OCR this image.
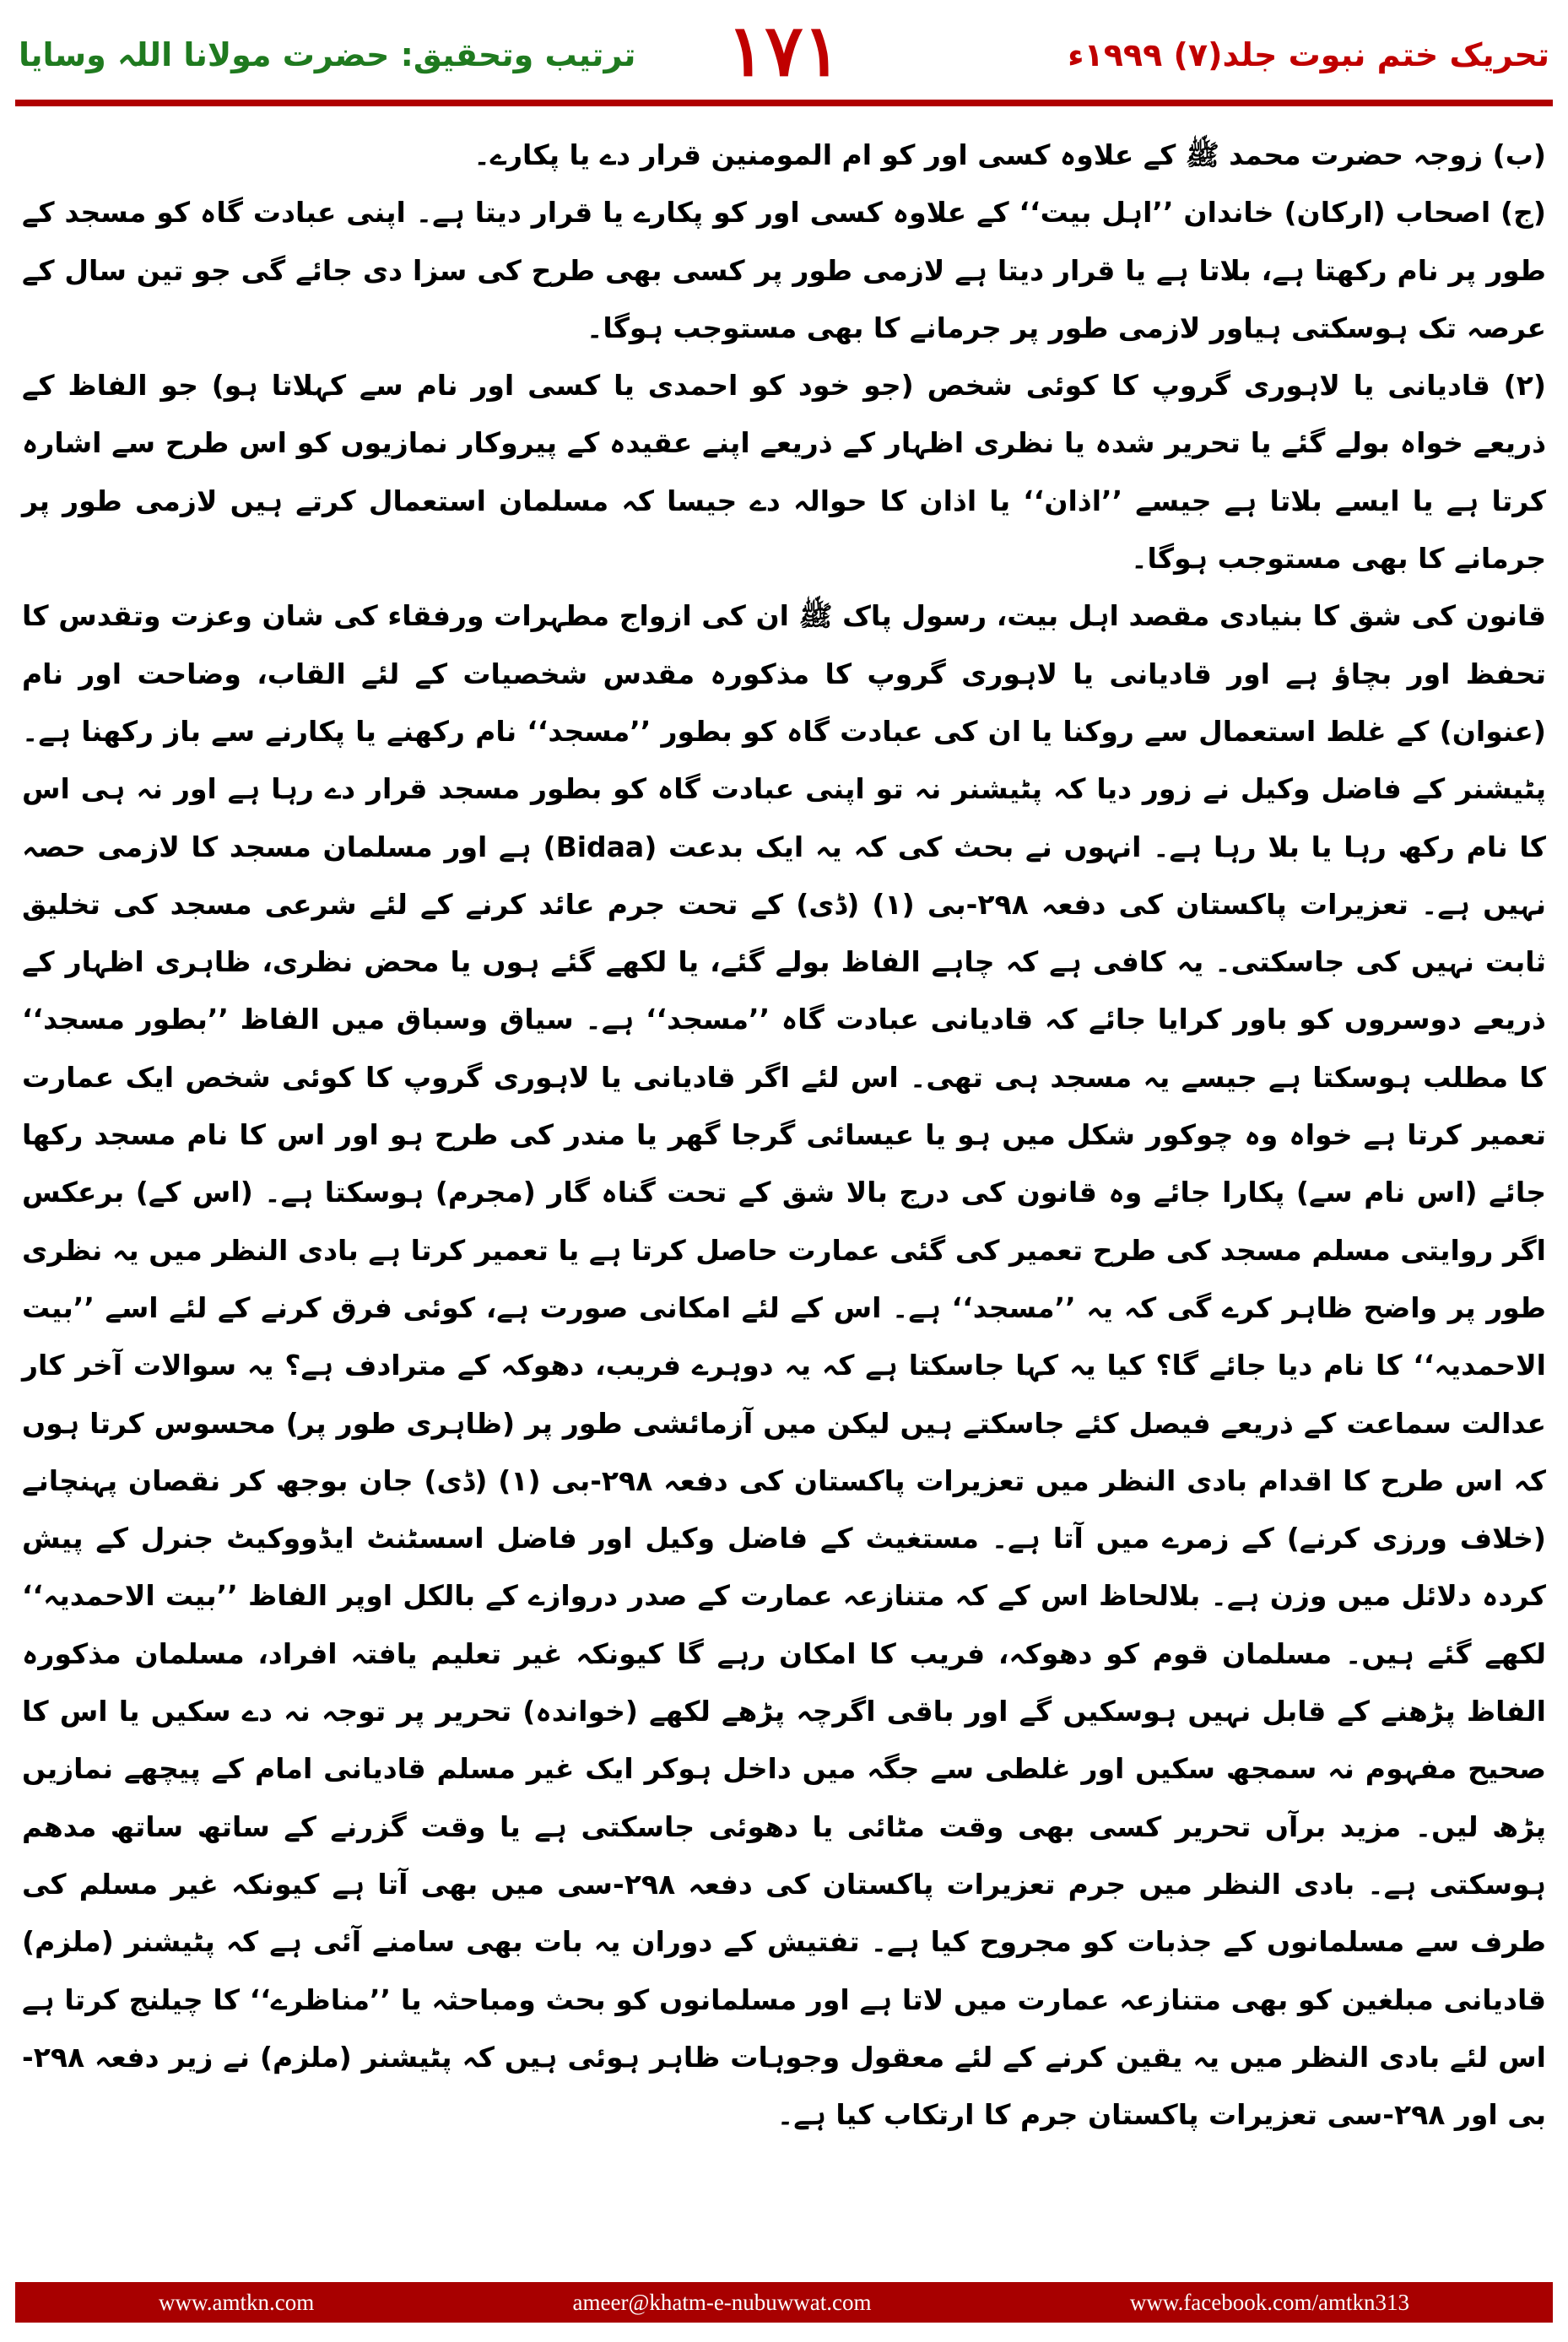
ترتیب وتحقیق: حضرت مولانا اللہ وسایا	۱۷۱	تحریک ختم نبوت جلد(۷) ۱۹۹۹ء

(ب) زوجہ حضرت محمد ﷺ کے علاوہ کسی اور کو ام المومنین قرار دے یا پکارے۔

(ج) اصحاب (ارکان) خاندان ’’اہل بیت‘‘ کے علاوہ کسی اور کو پکارے یا قرار دیتا ہے۔ اپنی عبادت گاہ کو مسجد کے طور پر نام رکھتا ہے، بلاتا ہے یا قرار دیتا ہے لازمی طور پر کسی بھی طرح کی سزا دی جائے گی جو تین سال کے عرصہ تک ہوسکتی ہیاور لازمی طور پر جرمانے کا بھی مستوجب ہوگا۔

(۲) قادیانی یا لاہوری گروپ کا کوئی شخص (جو خود کو احمدی یا کسی اور نام سے کہلاتا ہو) جو الفاظ کے ذریعے خواہ بولے گئے یا تحریر شدہ یا نظری اظہار کے ذریعے اپنے عقیدہ کے پیروکار نمازیوں کو اس طرح سے اشارہ کرتا ہے یا ایسے بلاتا ہے جیسے ’’اذان‘‘ یا اذان کا حوالہ دے جیسا کہ مسلمان استعمال کرتے ہیں لازمی طور پر جرمانے کا بھی مستوجب ہوگا۔

قانون کی شق کا بنیادی مقصد اہل بیت، رسول پاک ﷺ ان کی ازواج مطہرات ورفقاء کی شان وعزت وتقدس کا تحفظ اور بچاؤ ہے اور قادیانی یا لاہوری گروپ کا مذکورہ مقدس شخصیات کے لئے القاب، وضاحت اور نام (عنوان) کے غلط استعمال سے روکنا یا ان کی عبادت گاہ کو بطور ’’مسجد‘‘ نام رکھنے یا پکارنے سے باز رکھنا ہے۔ پٹیشنر کے فاضل وکیل نے زور دیا کہ پٹیشنر نہ تو اپنی عبادت گاہ کو بطور مسجد قرار دے رہا ہے اور نہ ہی اس کا نام رکھ رہا یا بلا رہا ہے۔ انہوں نے بحث کی کہ یہ ایک بدعت (Bidaa) ہے اور مسلمان مسجد کا لازمی حصہ نہیں ہے۔ تعزیرات پاکستان کی دفعہ ۲۹۸-بی (۱) (ڈی) کے تحت جرم عائد کرنے کے لئے شرعی مسجد کی تخلیق ثابت نہیں کی جاسکتی۔ یہ کافی ہے کہ چاہے الفاظ بولے گئے، یا لکھے گئے ہوں یا محض نظری، ظاہری اظہار کے ذریعے دوسروں کو باور کرایا جائے کہ قادیانی عبادت گاہ ’’مسجد‘‘ ہے۔ سیاق وسباق میں الفاظ ’’بطور مسجد‘‘ کا مطلب ہوسکتا ہے جیسے یہ مسجد ہی تھی۔ اس لئے اگر قادیانی یا لاہوری گروپ کا کوئی شخص ایک عمارت تعمیر کرتا ہے خواہ وہ چوکور شکل میں ہو یا عیسائی گرجا گھر یا مندر کی طرح ہو اور اس کا نام مسجد رکھا جائے (اس نام سے) پکارا جائے وہ قانون کی درج بالا شق کے تحت گناہ گار (مجرم) ہوسکتا ہے۔ (اس کے) برعکس اگر روایتی مسلم مسجد کی طرح تعمیر کی گئی عمارت حاصل کرتا ہے یا تعمیر کرتا ہے بادی النظر میں یہ نظری طور پر واضح ظاہر کرے گی کہ یہ ’’مسجد‘‘ ہے۔ اس کے لئے امکانی صورت ہے، کوئی فرق کرنے کے لئے اسے ’’بیت الاحمدیہ‘‘ کا نام دیا جائے گا؟ کیا یہ کہا جاسکتا ہے کہ یہ دوہرے فریب، دھوکہ کے مترادف ہے؟ یہ سوالات آخر کار عدالت سماعت کے ذریعے فیصل کئے جاسکتے ہیں لیکن میں آزمائشی طور پر (ظاہری طور پر) محسوس کرتا ہوں کہ اس طرح کا اقدام بادی النظر میں تعزیرات پاکستان کی دفعہ ۲۹۸-بی (۱) (ڈی) جان بوجھ کر نقصان پہنچانے (خلاف ورزی کرنے) کے زمرے میں آتا ہے۔ مستغیث کے فاضل وکیل اور فاضل اسسٹنٹ ایڈووکیٹ جنرل کے پیش کردہ دلائل میں وزن ہے۔ بلالحاظ اس کے کہ متنازعہ عمارت کے صدر دروازے کے بالکل اوپر الفاظ ’’بیت الاحمدیہ‘‘ لکھے گئے ہیں۔ مسلمان قوم کو دھوکہ، فریب کا امکان رہے گا کیونکہ غیر تعلیم یافتہ افراد، مسلمان مذکورہ الفاظ پڑھنے کے قابل نہیں ہوسکیں گے اور باقی اگرچہ پڑھے لکھے (خواندہ) تحریر پر توجہ نہ دے سکیں یا اس کا صحیح مفہوم نہ سمجھ سکیں اور غلطی سے جگہ میں داخل ہوکر ایک غیر مسلم قادیانی امام کے پیچھے نمازیں پڑھ لیں۔ مزید برآں تحریر کسی بھی وقت مٹائی یا دھوئی جاسکتی ہے یا وقت گزرنے کے ساتھ ساتھ مدھم ہوسکتی ہے۔ بادی النظر میں جرم تعزیرات پاکستان کی دفعہ ۲۹۸-سی میں بھی آتا ہے کیونکہ غیر مسلم کی طرف سے مسلمانوں کے جذبات کو مجروح کیا ہے۔ تفتیش کے دوران یہ بات بھی سامنے آئی ہے کہ پٹیشنر (ملزم) قادیانی مبلغین کو بھی متنازعہ عمارت میں لاتا ہے اور مسلمانوں کو بحث ومباحثہ یا ’’مناظرے‘‘ کا چیلنج کرتا ہے اس لئے بادی النظر میں یہ یقین کرنے کے لئے معقول وجوہات ظاہر ہوئی ہیں کہ پٹیشنر (ملزم) نے زیر دفعہ ۲۹۸-بی اور ۲۹۸-سی تعزیرات پاکستان جرم کا ارتکاب کیا ہے۔

www.amtkn.com	ameer@khatm-e-nubuwwat.com	www.facebook.com/amtkn313
